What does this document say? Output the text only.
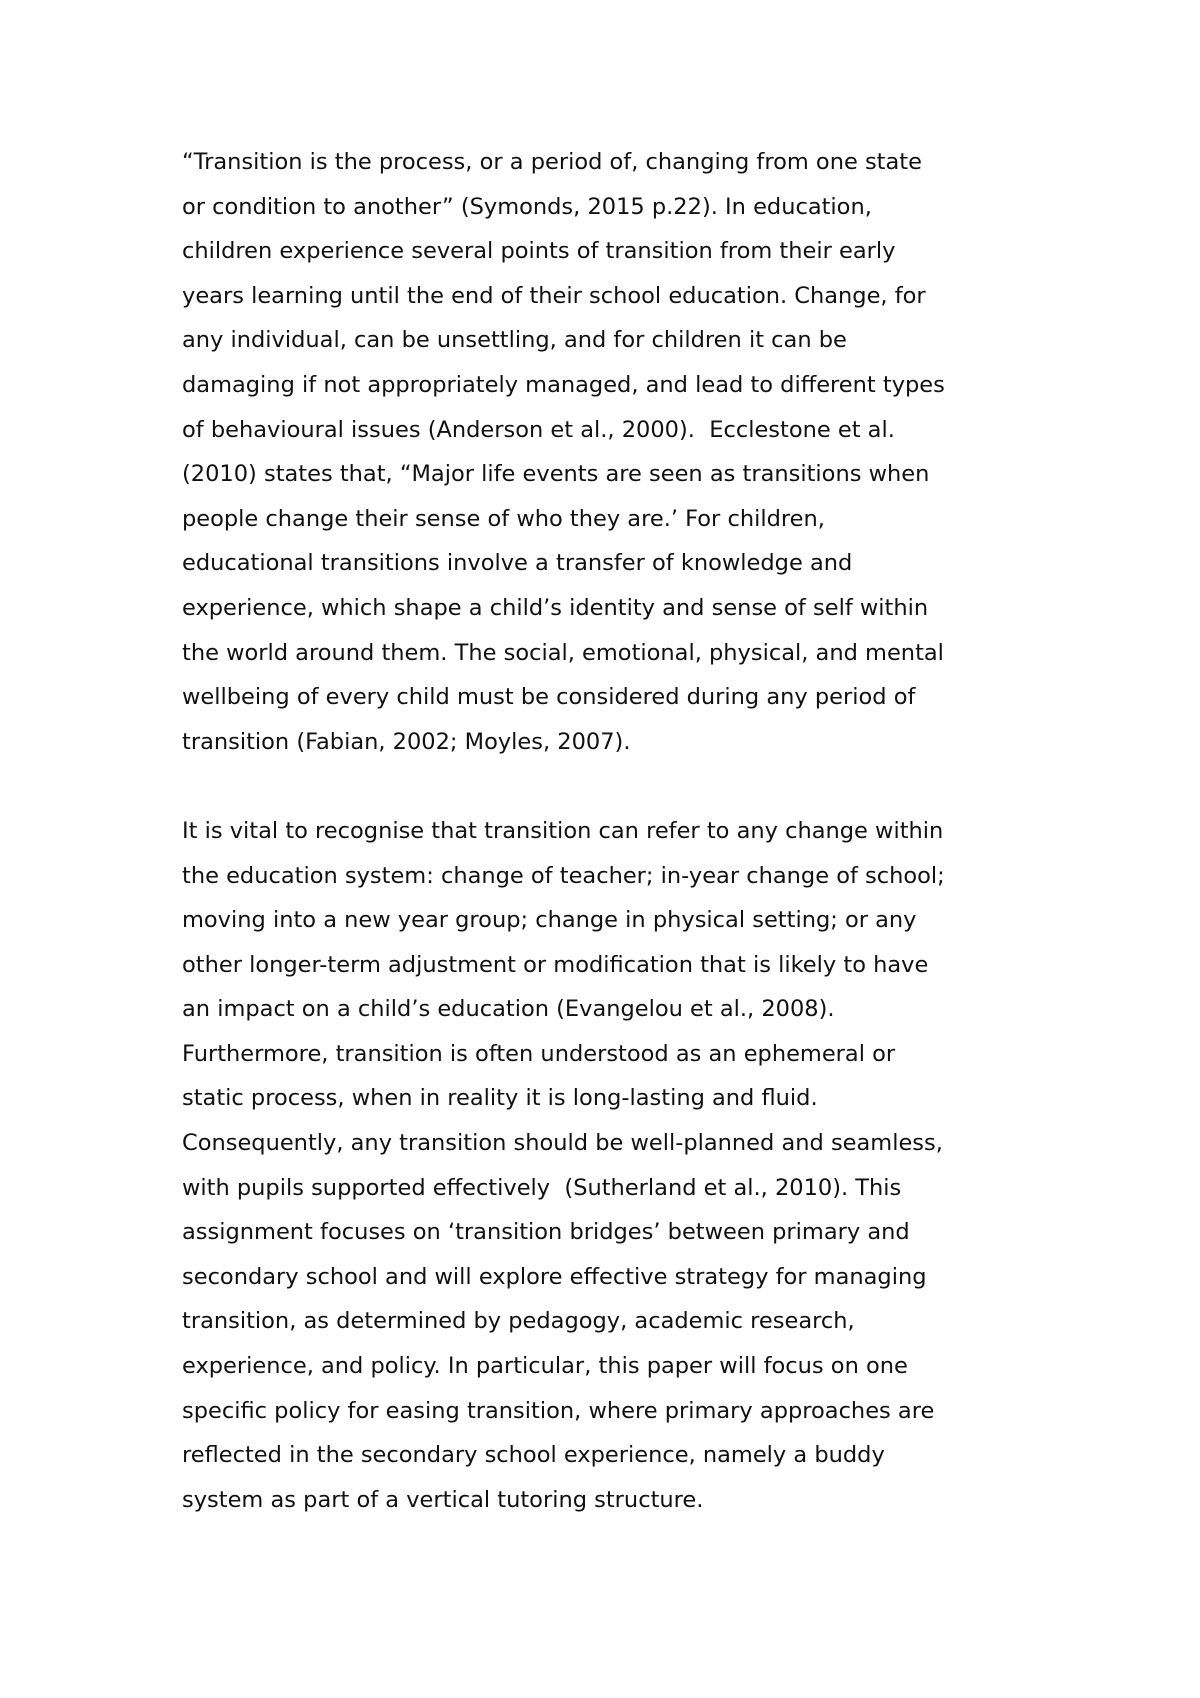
“Transition is the process, or a period of, changing from one state
or condition to another” (Symonds, 2015 p.22). In education,
children experience several points of transition from their early
years learning until the end of their school education. Change, for
any individual, can be unsettling, and for children it can be
damaging if not appropriately managed, and lead to different types
of behavioural issues (Anderson et al., 2000).  Ecclestone et al.
(2010) states that, “Major life events are seen as transitions when
people change their sense of who they are.’ For children,
educational transitions involve a transfer of knowledge and
experience, which shape a child’s identity and sense of self within
the world around them. The social, emotional, physical, and mental
wellbeing of every child must be considered during any period of
transition (Fabian, 2002; Moyles, 2007).
It is vital to recognise that transition can refer to any change within
the education system: change of teacher; in-year change of school;
moving into a new year group; change in physical setting; or any
other longer-term adjustment or modification that is likely to have
an impact on a child’s education (Evangelou et al., 2008).
Furthermore, transition is often understood as an ephemeral or
static process, when in reality it is long-lasting and fluid.
Consequently, any transition should be well-planned and seamless,
with pupils supported effectively  (Sutherland et al., 2010). This
assignment focuses on ‘transition bridges’ between primary and
secondary school and will explore effective strategy for managing
transition, as determined by pedagogy, academic research,
experience, and policy. In particular, this paper will focus on one
specific policy for easing transition, where primary approaches are
reflected in the secondary school experience, namely a buddy
system as part of a vertical tutoring structure.
